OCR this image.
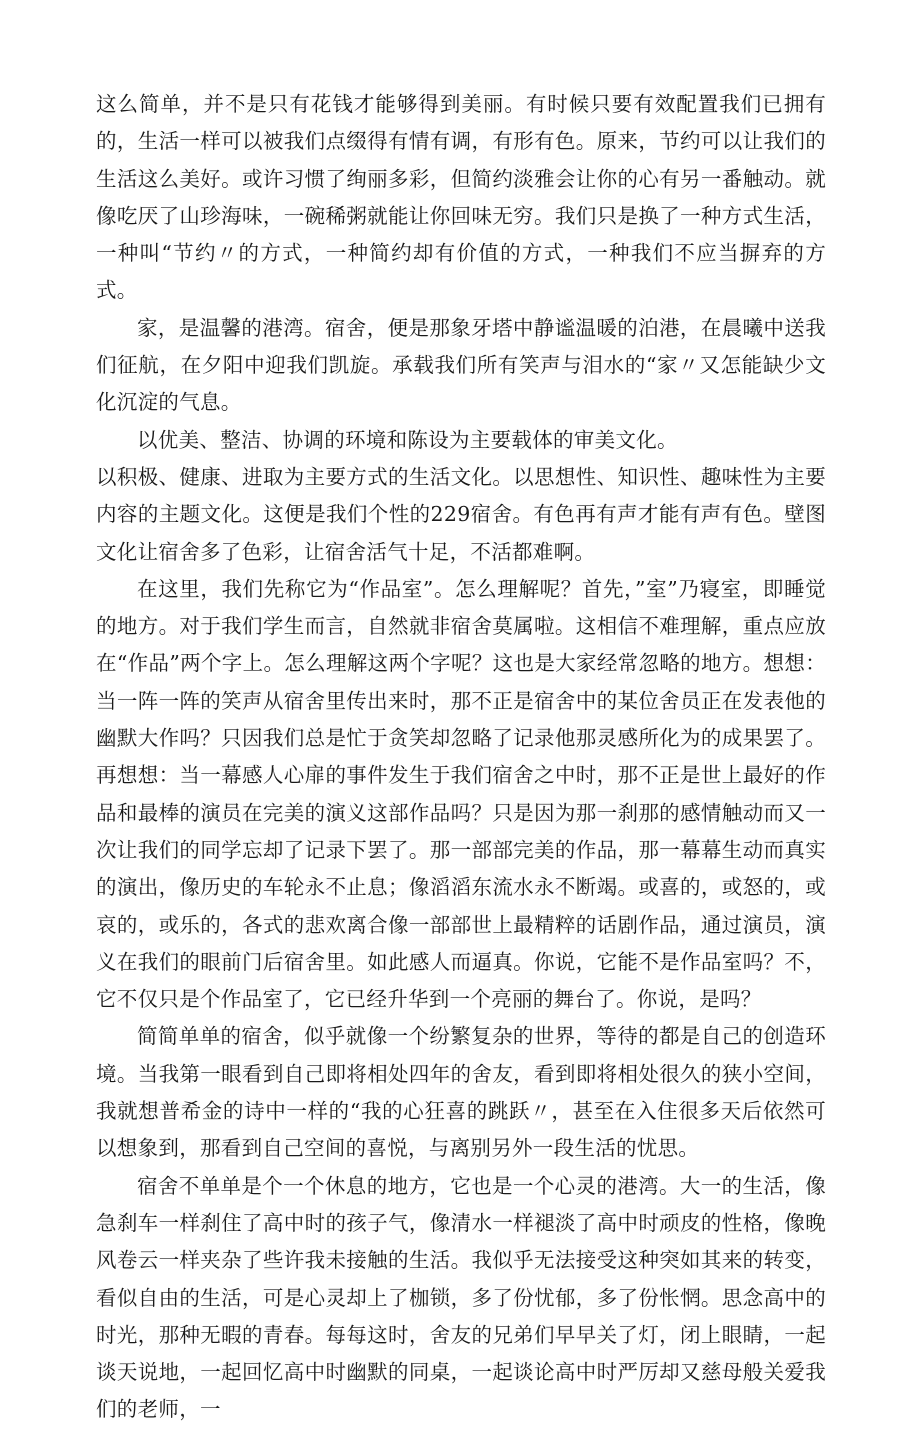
这么简单，并不是只有花钱才能够得到美丽。有时候只要有效配置我们已拥有的，生活一样可以被我们点缀得有情有调，有形有色。原来，节约可以让我们的生活这么美好。或许习惯了绚丽多彩，但简约淡雅会让你的心有另一番触动。就像吃厌了山珍海味，一碗稀粥就能让你回味无穷。我们只是换了一种方式生活，一种叫“节约〃的方式，一种简约却有价值的方式，一种我们不应当摒弃的方式。

家，是温馨的港湾。宿舍，便是那象牙塔中静谧温暖的泊港，在晨曦中送我们征航，在夕阳中迎我们凯旋。承载我们所有笑声与泪水的“家〃又怎能缺少文化沉淀的气息。

以优美、整洁、协调的环境和陈设为主要载体的审美文化。

以积极、健康、进取为主要方式的生活文化。以思想性、知识性、趣味性为主要内容的主题文化。这便是我们个性的229宿舍。有色再有声才能有声有色。壁图文化让宿舍多了色彩，让宿舍活气十足，不活都难啊。

在这里，我们先称它为“作品室”。怎么理解呢？首先，”室”乃寝室，即睡觉的地方。对于我们学生而言，自然就非宿舍莫属啦。这相信不难理解，重点应放在“作品”两个字上。怎么理解这两个字呢？这也是大家经常忽略的地方。想想：当一阵一阵的笑声从宿舍里传出来时，那不正是宿舍中的某位舍员正在发表他的幽默大作吗？只因我们总是忙于贪笑却忽略了记录他那灵感所化为的成果罢了。再想想：当一幕感人心扉的事件发生于我们宿舍之中时，那不正是世上最好的作品和最棒的演员在完美的演义这部作品吗？只是因为那一刹那的感情触动而又一次让我们的同学忘却了记录下罢了。那一部部完美的作品，那一幕幕生动而真实的演出，像历史的车轮永不止息；像滔滔东流水永不断竭。或喜的，或怒的，或哀的，或乐的，各式的悲欢离合像一部部世上最精粹的话剧作品，通过演员，演义在我们的眼前门后宿舍里。如此感人而逼真。你说，它能不是作品室吗？不，它不仅只是个作品室了，它已经升华到一个亮丽的舞台了。你说，是吗？

简简单单的宿舍，似乎就像一个纷繁复杂的世界，等待的都是自己的创造环境。当我第一眼看到自己即将相处四年的舍友，看到即将相处很久的狭小空间，我就想普希金的诗中一样的“我的心狂喜的跳跃〃，甚至在入住很多天后依然可以想象到，那看到自己空间的喜悦，与离别另外一段生活的忧思。

宿舍不单单是个一个休息的地方，它也是一个心灵的港湾。大一的生活，像急刹车一样刹住了高中时的孩子气，像清水一样褪淡了高中时顽皮的性格，像晚风卷云一样夹杂了些许我未接触的生活。我似乎无法接受这种突如其来的转变，看似自由的生活，可是心灵却上了枷锁，多了份忧郁，多了份怅惘。思念高中的时光，那种无暇的青春。每每这时，舍友的兄弟们早早关了灯，闭上眼睛，一起谈天说地，一起回忆高中时幽默的同桌，一起谈论高中时严厉却又慈母般关爱我们的老师，一
